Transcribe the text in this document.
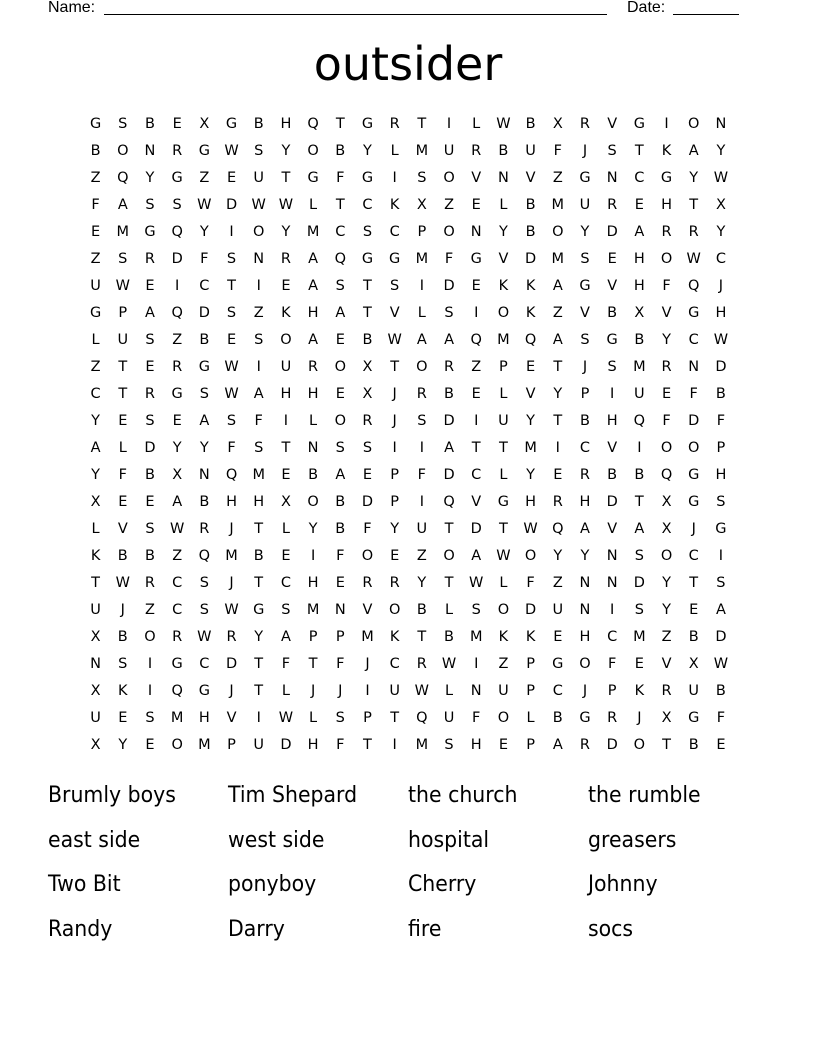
Name:	Date:
outsider
G	S	B	E	X	G	B	H	Q	T	G	R	T	I	L	W	B	X	R	V	G	I	O	N
B	O	N	R	G W	S	Y	O	B	Y	L	M	U	R	B	U	F	J	S	T	K	A	Y
Z	Q	Y	G	Z	E	U	T	G	F	G	I	S	O	V	N	V	Z	G	N	C	G	Y	W
F	A	S	S	W D W W	L	T	C	K	X	Z	E	L	B	M	U	R	E	H	T	X
E	M	G	Q	Y	I	O	Y	M	C	S	C	P	O	N	Y	B	O	Y	D	A	R	R	Y
Z	S	R	D	F	S	N	R	A	Q	G	G	M	F	G	V	D	M	S	E	H	O W	C
U	W	E	I	C	T	I	E	A	S	T	S	I	D	E	K	K	A	G	V	H	F	Q	J
G	P	A	Q	D	S	Z	K	H	A	T	V	L	S	I	O	K	Z	V	B	X	V	G	H
L	U	S	Z	B	E	S	O	A	E	B	W	A	A	Q	M	Q	A	S	G	B	Y	C	W
Z	T	E	R	G W	I	U	R	O	X	T	O	R	Z	P	E	T	J	S	M	R	N	D
C	T	R	G	S	W	A	H	H	E	X	J	R	B	E	L	V	Y	P	I	U	E	F	B
Y	E	S	E	A	S	F	I	L	O	R	J	S	D	I	U	Y	T	B	H	Q	F	D	F
A	L	D	Y	Y	F	S	T	N	S	S	I	I	A	T	T	M	I	C	V	I	O	O	P
Y	F	B	X	N	Q	M	E	B	A	E	P	F	D	C	L	Y	E	R	B	B	Q	G	H
X	E	E	A	B	H	H	X	O	B	D	P	I	Q	V	G	H	R	H	D	T	X	G	S
L	V	S	W	R	J	T	L	Y	B	F	Y	U	T	D	T	W Q	A	V	A	X	J	G
K	B	B	Z	Q	M	B	E	I	F	O	E	Z	O	A	W O	Y	Y	N	S	O	C	I
T	W	R	C	S	J	T	C	H	E	R	R	Y	T	W	L	F	Z	N	N	D	Y	T	S
U	J	Z	C	S	W G	S	M	N	V	O	B	L	S	O	D	U	N	I	S	Y	E	A
X	B	O	R	W	R	Y	A	P	P	M	K	T	B	M	K	K	E	H	C	M	Z	B	D
N	S	I	G	C	D	T	F	T	F	J	C	R	W	I	Z	P	G	O	F	E	V	X	W
X	K	I	Q	G	J	T	L	J	J	I	U	W	L	N	U	P	C	J	P	K	R	U	B
U	E	S	M	H	V	I	W	L	S	P	T	Q	U	F	O	L	B	G	R	J	X	G	F
X	Y	E	O	M	P	U	D	H	F	T	I	M	S	H	E	P	A	R	D	O	T	B	E
Brumly boys	Tim Shepard	the church	the rumble
east side	west side	hospital	greasers
Two Bit	ponyboy	Cherry	Johnny
Randy	Darry	fire	socs
